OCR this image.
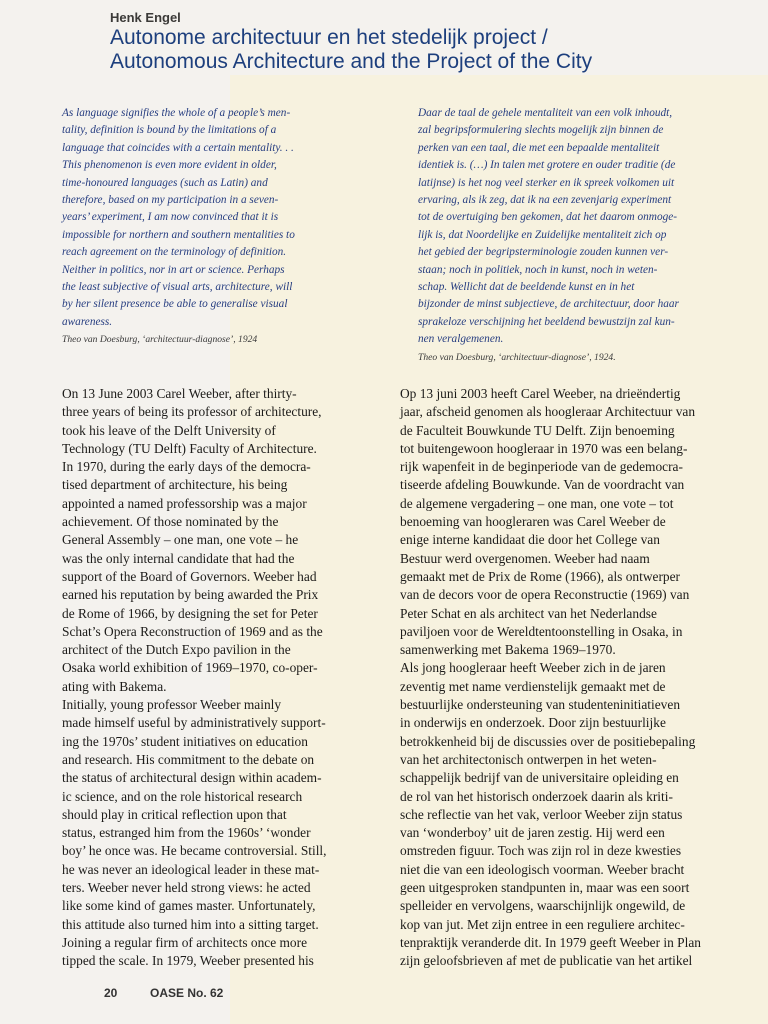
Henk Engel
Autonome architectuur en het stedelijk project /
Autonomous Architecture and the Project of the City
As language signifies the whole of a people’s men-
tality, definition is bound by the limitations of a
language that coincides with a certain mentality. . .
This phenomenon is even more evident in older,
time-honoured languages (such as Latin) and
therefore, based on my participation in a seven-
years’ experiment, I am now convinced that it is
impossible for northern and southern mentalities to
reach agreement on the terminology of definition.
Neither in politics, nor in art or science. Perhaps
the least subjective of visual arts, architecture, will
by her silent presence be able to generalise visual
awareness.
Theo van Doesburg, ‘architectuur-diagnose’, 1924
Daar de taal de gehele mentaliteit van een volk inhoudt,
zal begripsformulering slechts mogelijk zijn binnen de
perken van een taal, die met een bepaalde mentaliteit
identiek is. (…) In talen met grotere en ouder traditie (de
latijnse) is het nog veel sterker en ik spreek volkomen uit
ervaring, als ik zeg, dat ik na een zevenjarig experiment
tot de overtuiging ben gekomen, dat het daarom onmoge-
lijk is, dat Noordelijke en Zuidelijke mentaliteit zich op
het gebied der begripsterminologie zouden kunnen ver-
staan; noch in politiek, noch in kunst, noch in weten-
schap. Wellicht dat de beeldende kunst en in het
bijzonder de minst subjectieve, de architectuur, door haar
sprakeloze verschijning het beeldend bewustzijn zal kun-
nen veralgemenen.
Theo van Doesburg, ‘architectuur-diagnose’, 1924.
On 13 June 2003 Carel Weeber, after thirty-
three years of being its professor of architecture,
took his leave of the Delft University of
Technology (TU Delft) Faculty of Architecture.
In 1970, during the early days of the democra-
tised department of architecture, his being
appointed a named professorship was a major
achievement. Of those nominated by the
General Assembly – one man, one vote – he
was the only internal candidate that had the
support of the Board of Governors. Weeber had
earned his reputation by being awarded the Prix
de Rome of 1966, by designing the set for Peter
Schat’s Opera Reconstruction of 1969 and as the
architect of the Dutch Expo pavilion in the
Osaka world exhibition of 1969–1970, co-oper-
ating with Bakema.
Initially, young professor Weeber mainly
made himself useful by administratively support-
ing the 1970s’ student initiatives on education
and research. His commitment to the debate on
the status of architectural design within academ-
ic science, and on the role historical research
should play in critical reflection upon that
status, estranged him from the 1960s’ ‘wonder
boy’ he once was. He became controversial. Still,
he was never an ideological leader in these mat-
ters. Weeber never held strong views: he acted
like some kind of games master. Unfortunately,
this attitude also turned him into a sitting target.
Joining a regular firm of architects once more
tipped the scale. In 1979, Weeber presented his
Op 13 juni 2003 heeft Carel Weeber, na drieëndertig
jaar, afscheid genomen als hoogleraar Architectuur van
de Faculteit Bouwkunde TU Delft. Zijn benoeming
tot buitengewoon hoogleraar in 1970 was een belang-
rijk wapenfeit in de beginperiode van de gedemocra-
tiseerde afdeling Bouwkunde. Van de voordracht van
de algemene vergadering – one man, one vote – tot
benoeming van hoogleraren was Carel Weeber de
enige interne kandidaat die door het College van
Bestuur werd overgenomen. Weeber had naam
gemaakt met de Prix de Rome (1966), als ontwerper
van de decors voor de opera Reconstructie (1969) van
Peter Schat en als architect van het Nederlandse
paviljoen voor de Wereldtentoonstelling in Osaka, in
samenwerking met Bakema 1969–1970.
Als jong hoogleraar heeft Weeber zich in de jaren
zeventig met name verdienstelijk gemaakt met de
bestuurlijke ondersteuning van studenteninitiatieven
in onderwijs en onderzoek. Door zijn bestuurlijke
betrokkenheid bij de discussies over de positiebepaling
van het architectonisch ontwerpen in het weten-
schappelijk bedrijf van de universitaire opleiding en
de rol van het historisch onderzoek daarin als kriti-
sche reflectie van het vak, verloor Weeber zijn status
van ‘wonderboy’ uit de jaren zestig. Hij werd een
omstreden figuur. Toch was zijn rol in deze kwesties
niet die van een ideologisch voorman. Weeber bracht
geen uitgesproken standpunten in, maar was een soort
spelleider en vervolgens, waarschijnlijk ongewild, de
kop van jut. Met zijn entree in een reguliere architec-
tenpraktijk veranderde dit. In 1979 geeft Weeber in Plan
zijn geloofsbrieven af met de publicatie van het artikel
20	OASE No. 62
